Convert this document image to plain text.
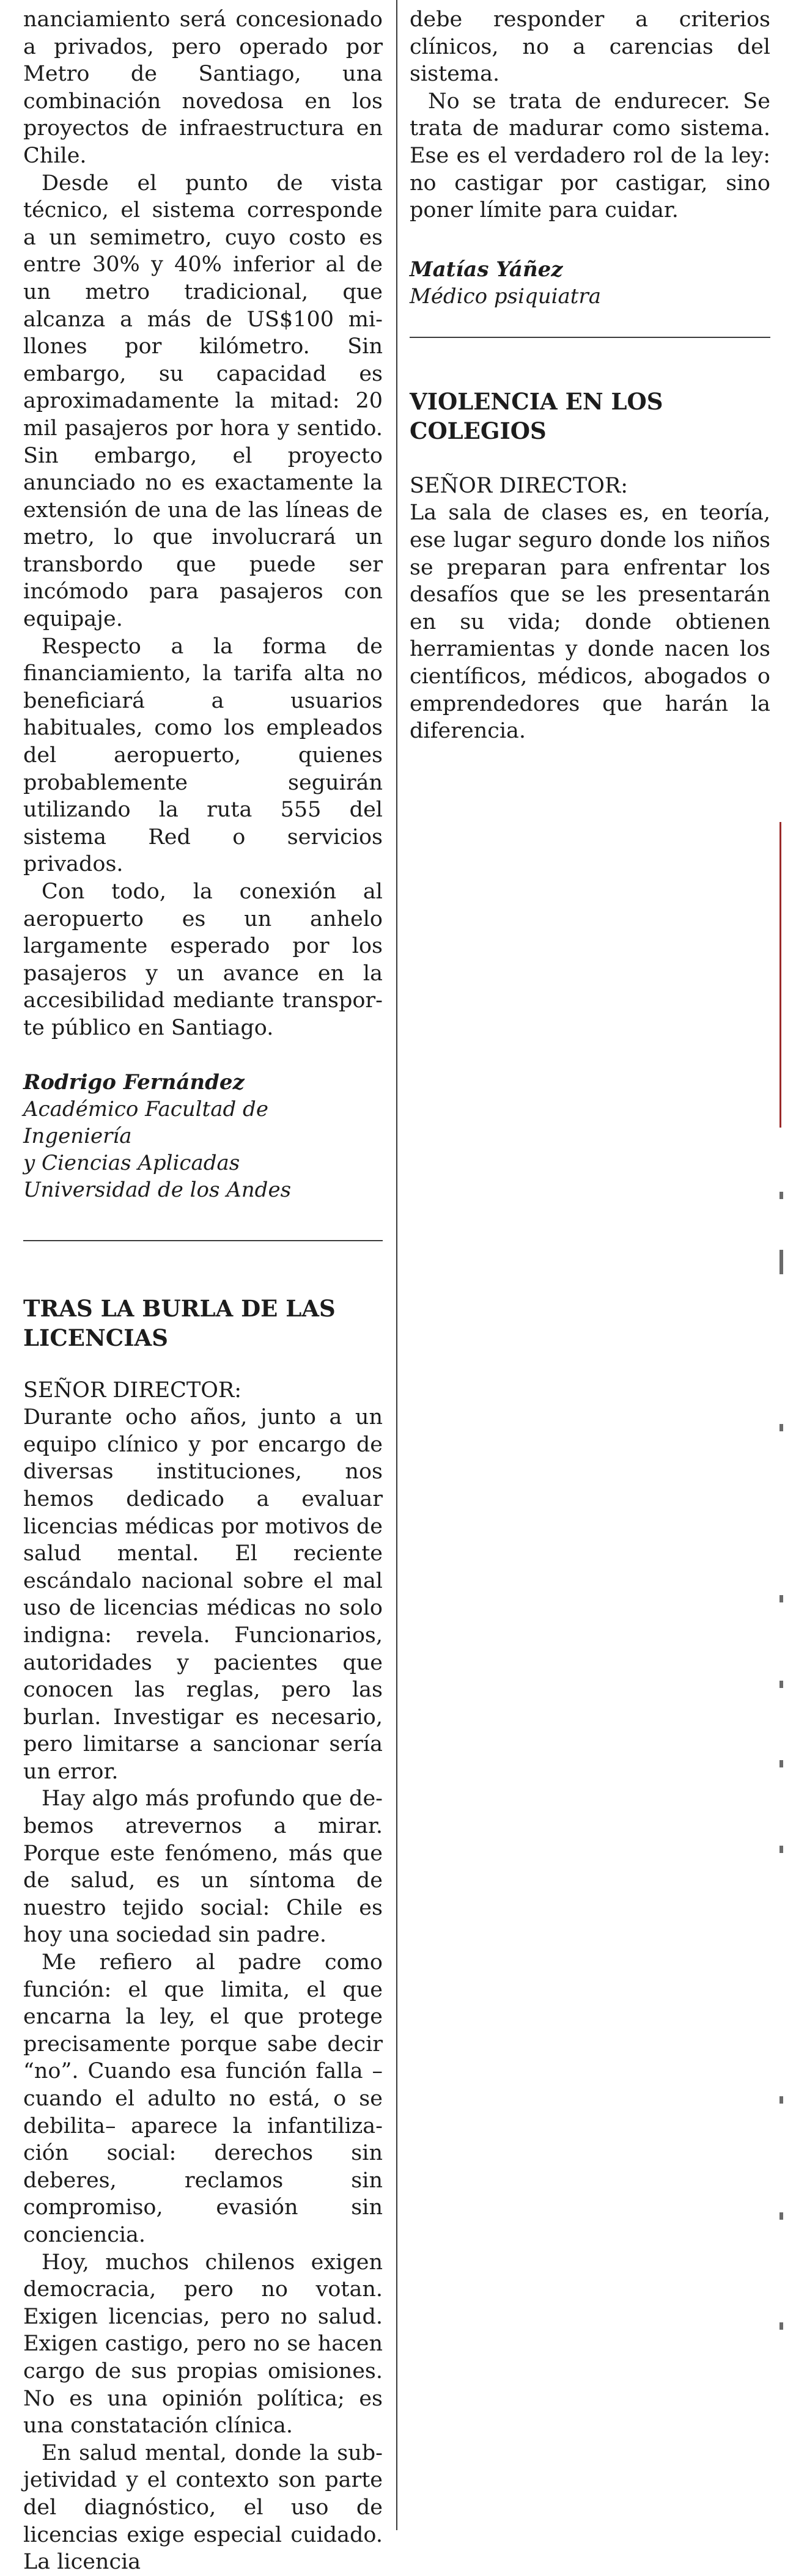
nanciamiento será concesionado a privados, pero operado por Metro de Santiago, una combinación novedosa en los proyectos de infraestructura en Chile.

Desde el punto de vista técnico, el sistema corresponde a un semimetro, cuyo costo es entre 30% y 40% inferior al de un metro tradicional, que alcanza a más de US$100 millones por kilómetro. Sin embargo, su capacidad es aproximadamente la mitad: 20 mil pasajeros por hora y sentido. Sin embargo, el proyecto anunciado no es exactamente la extensión de una de las líneas de metro, lo que involucrará un transbordo que puede ser incómodo para pasajeros con equipaje.

Respecto a la forma de financiamiento, la tarifa alta no beneficiará a usuarios habituales, como los empleados del aeropuerto, quienes probablemente seguirán utilizando la ruta 555 del sistema Red o servicios privados.

Con todo, la conexión al aeropuerto es un anhelo largamente esperado por los pasajeros y un avance en la accesibilidad mediante transporte público en Santiago.

Rodrigo Fernández

Académico Facultad de Ingeniería

y Ciencias Aplicadas

Universidad de los Andes

TRAS LA BURLA DE LAS

LICENCIAS

SEÑOR DIRECTOR:

Durante ocho años, junto a un equipo clínico y por encargo de diversas instituciones, nos hemos dedicado a evaluar licencias médicas por motivos de salud mental. El reciente escándalo nacional sobre el mal uso de licencias médicas no solo indigna: revela. Funcionarios, autoridades y pacientes que conocen las reglas, pero las burlan. Investigar es necesario, pero limitarse a sancionar sería un error.

Hay algo más profundo que debemos atrevernos a mirar. Porque este fenómeno, más que de salud, es un síntoma de nuestro tejido social: Chile es hoy una sociedad sin padre.

Me refiero al padre como función: el que limita, el que encarna la ley, el que protege precisamente porque sabe decir “no”. Cuando esa función falla –cuando el adulto no está, o se debilita– aparece la infantilización social: derechos sin deberes, reclamos sin compromiso, evasión sin conciencia.

Hoy, muchos chilenos exigen democracia, pero no votan. Exigen licencias, pero no salud. Exigen castigo, pero no se hacen cargo de sus propias omisiones. No es una opinión política; es una constatación clínica.

En salud mental, donde la subjetividad y el contexto son parte del diagnóstico, el uso de licencias exige especial cuidado. La licencia

debe responder a criterios clínicos, no a carencias del sistema.

No se trata de endurecer. Se trata de madurar como sistema. Ese es el verdadero rol de la ley: no castigar por castigar, sino poner límite para cuidar.

Matías Yáñez

Médico psiquiatra

VIOLENCIA EN LOS COLEGIOS

SEÑOR DIRECTOR:

La sala de clases es, en teoría, ese lugar seguro donde los niños se preparan para enfrentar los desafíos que se les presentarán en su vida; donde obtienen herramientas y donde nacen los científicos, médicos, abogados o emprendedores que harán la diferencia.
